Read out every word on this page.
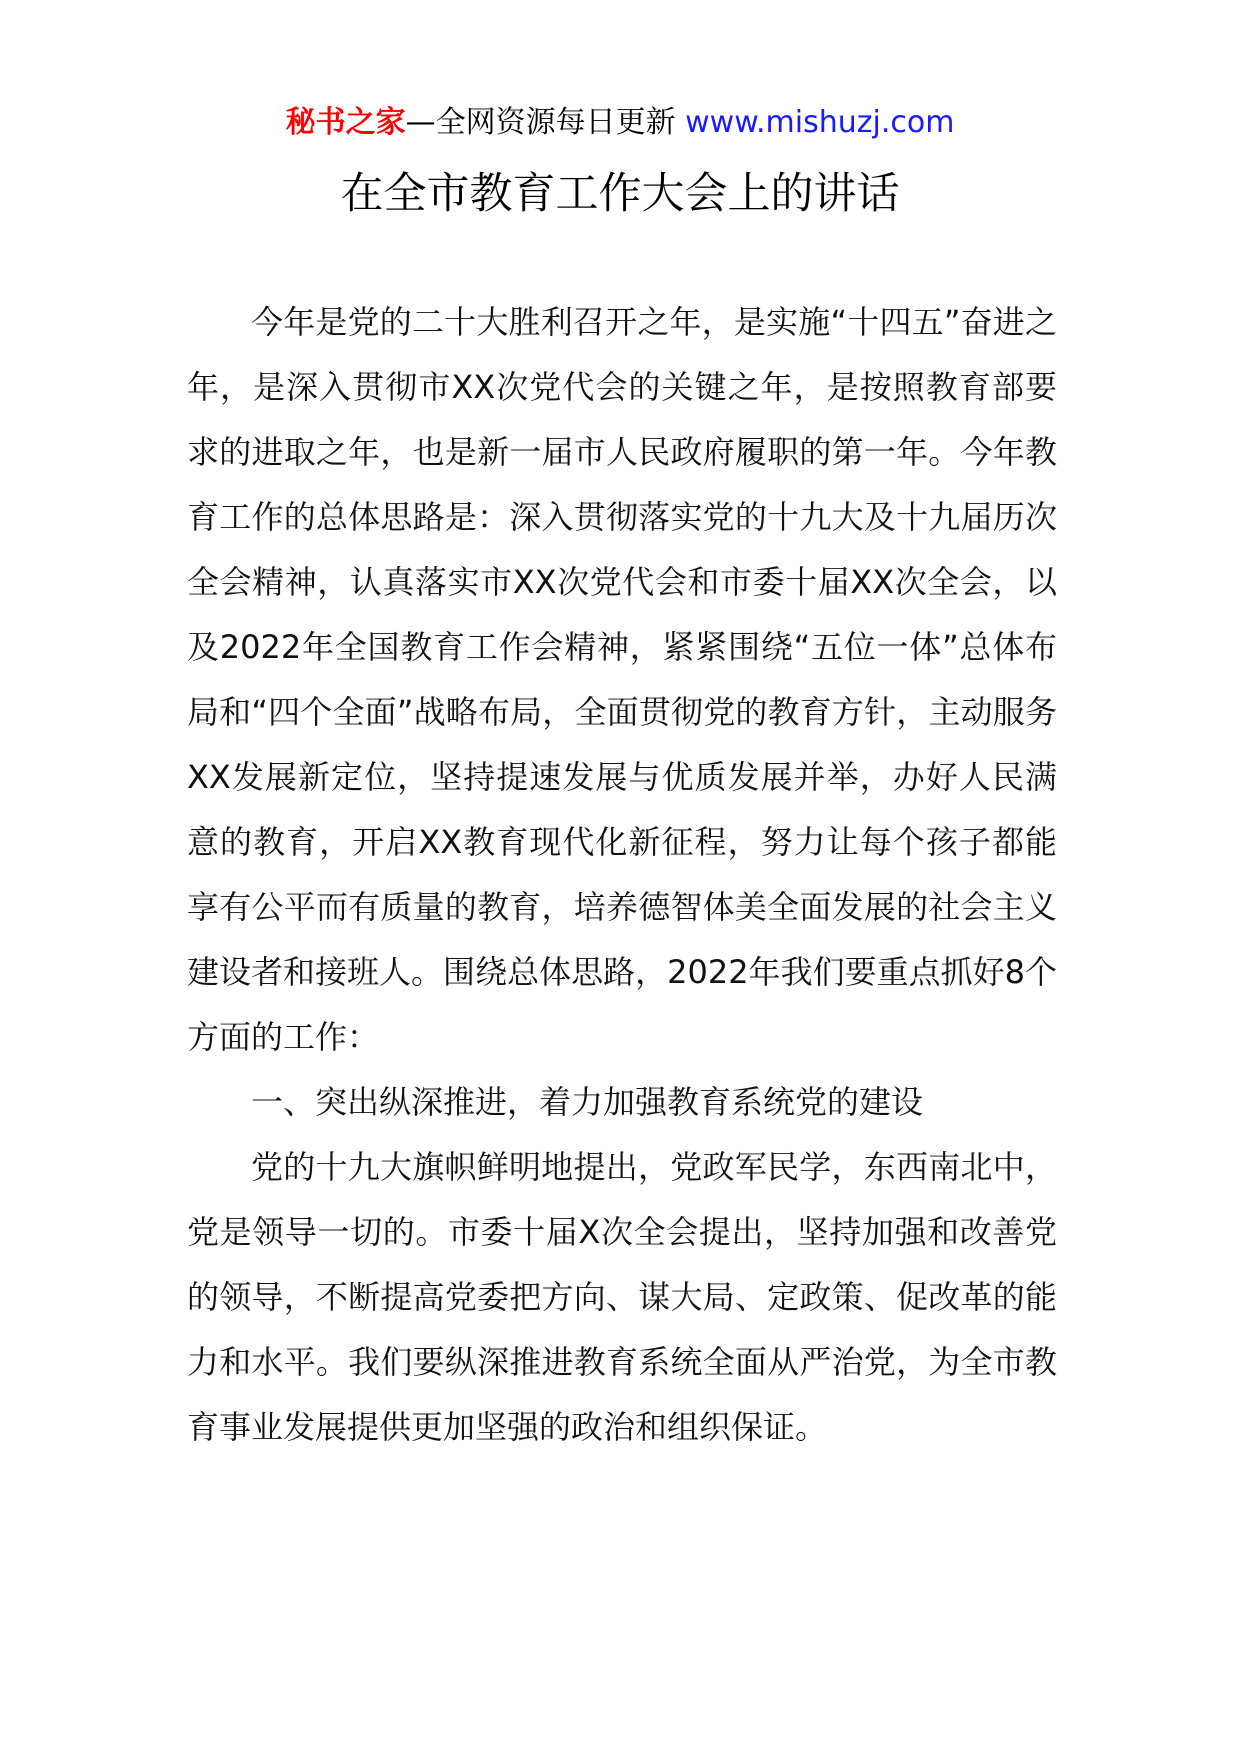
秘书之家—全网资源每日更新 www.mishuzj.com
在全市教育工作大会上的讲话

今年是党的二十大胜利召开之年，是实施“十四五”奋进之年，是深入贯彻市XX次党代会的关键之年，是按照教育部要求的进取之年，也是新一届市人民政府履职的第一年。今年教育工作的总体思路是：深入贯彻落实党的十九大及十九届历次全会精神，认真落实市XX次党代会和市委十届XX次全会，以及2022年全国教育工作会精神，紧紧围绕“五位一体”总体布局和“四个全面”战略布局，全面贯彻党的教育方针，主动服务XX发展新定位，坚持提速发展与优质发展并举，办好人民满意的教育，开启XX教育现代化新征程，努力让每个孩子都能享有公平而有质量的教育，培养德智体美全面发展的社会主义建设者和接班人。围绕总体思路，2022年我们要重点抓好8个方面的工作：

一、突出纵深推进，着力加强教育系统党的建设

党的十九大旗帜鲜明地提出，党政军民学，东西南北中，党是领导一切的。市委十届X次全会提出，坚持加强和改善党的领导，不断提高党委把方向、谋大局、定政策、促改革的能力和水平。我们要纵深推进教育系统全面从严治党，为全市教育事业发展提供更加坚强的政治和组织保证。
